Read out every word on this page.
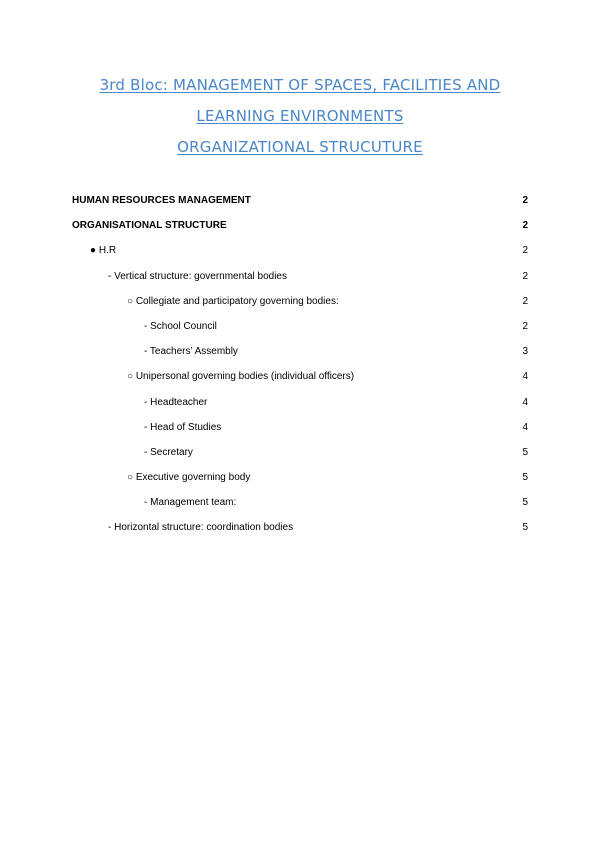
3rd Bloc: MANAGEMENT OF SPACES, FACILITIES AND
LEARNING ENVIRONMENTS
ORGANIZATIONAL STRUCUTURE
HUMAN RESOURCES MANAGEMENT	2
ORGANISATIONAL STRUCTURE	2
● H.R	2
- Vertical structure: governmental bodies	2
○ Collegiate and participatory governing bodies:	2
- School Council	2
- Teachers’ Assembly	3
○ Unipersonal governing bodies (individual officers)	4
- Headteacher	4
- Head of Studies	4
- Secretary	5
○ Executive governing body	5
- Management team:	5
- Horizontal structure: coordination bodies	5
